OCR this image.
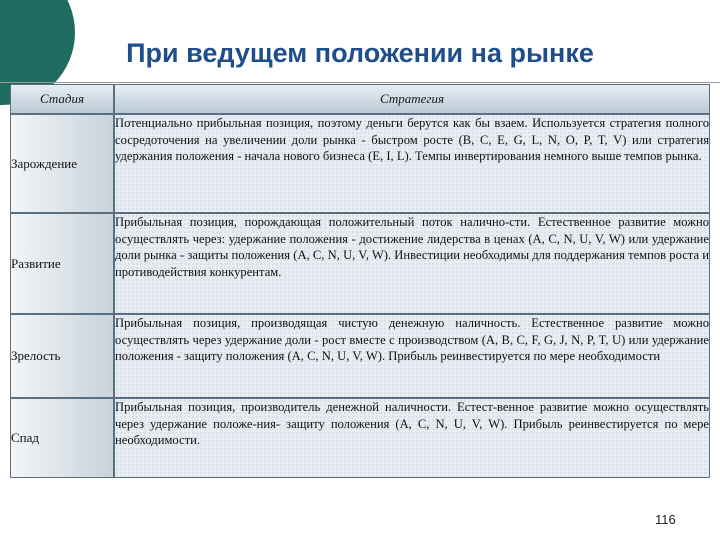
При ведущем положении на рынке
Стадия	Стратегия
Зарождение	Потенциально прибыльная позиция, поэтому деньги берутся как бы взаем. Используется стратегия полного сосредоточения на увеличении доли рынка - быстром росте (B, C, E, G, L, N, O, P, T, V) или стратегия удержания положения - начала нового бизнеса (E, I, L). Темпы инвертирования немного выше темпов рынка.
Развитие	Прибыльная позиция, порождающая положительный поток налично-сти. Естественное развитие можно осуществлять через: удержание положения - достижение лидерства в ценах (A, C, N, U, V, W) или удержание доли рынка - защиты положения (A, C, N, U, V, W). Инвестиции необходимы для поддержания темпов роста и противодействия конкурентам.
Зрелость	Прибыльная позиция, производящая чистую денежную наличность. Естественное развитие можно осуществлять через удержание доли - рост вместе с производством (A, B, C, F, G, J, N, P, T, U) или удержание положения - защиту положения (A, C, N, U, V, W). Прибыль реинвестируется по мере необходимости
Спад	Прибыльная позиция, производитель денежной наличности. Естест-венное развитие можно осуществлять через удержание положе-ния- защиту положения (A, C, N, U, V, W). Прибыль реинвестируется по мере необходимости.
116
